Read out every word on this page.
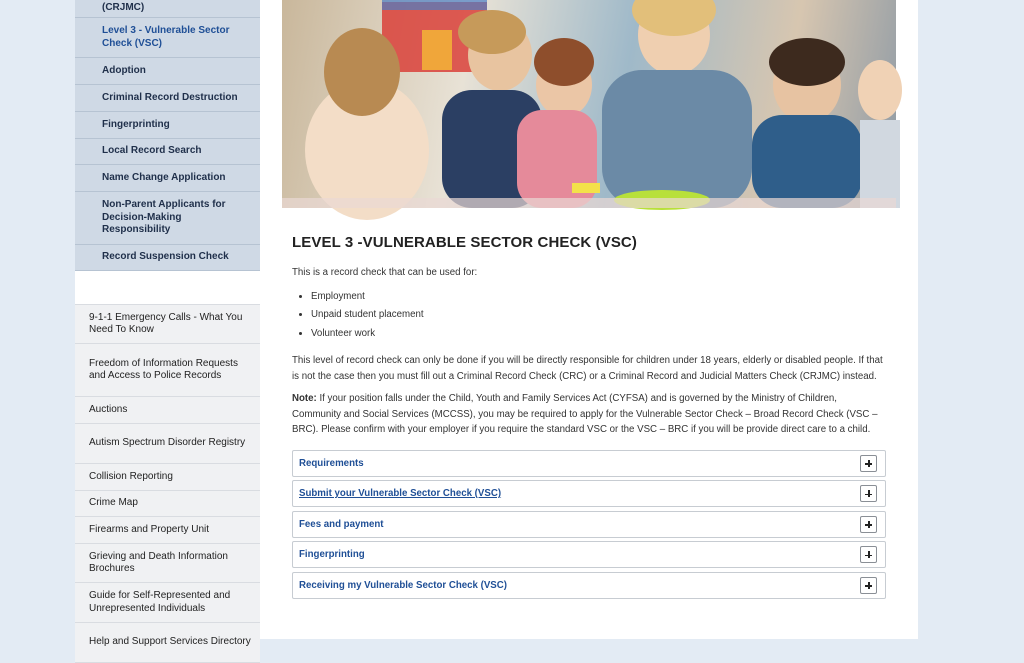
(CRJMC)
Level 3 - Vulnerable Sector Check (VSC)
Adoption
Criminal Record Destruction
Fingerprinting
Local Record Search
Name Change Application
Non-Parent Applicants for Decision-Making Responsibility
Record Suspension Check
9-1-1 Emergency Calls - What You Need To Know
Freedom of Information Requests and Access to Police Records
Auctions
Autism Spectrum Disorder Registry
Collision Reporting
Crime Map
Firearms and Property Unit
Grieving and Death Information Brochures
Guide for Self-Represented and Unrepresented Individuals
Help and Support Services Directory
LEVEL 3 -VULNERABLE SECTOR CHECK (VSC)

This is a record check that can be used for:

• Employment
• Unpaid student placement
• Volunteer work

This level of record check can only be done if you will be directly responsible for children under 18 years, elderly or disabled people. If that is not the case then you must fill out a Criminal Record Check (CRC) or a Criminal Record and Judicial Matters Check (CRJMC) instead.

Note: If your position falls under the Child, Youth and Family Services Act (CYFSA) and is governed by the Ministry of Children, Community and Social Services (MCCSS), you may be required to apply for the Vulnerable Sector Check – Broad Record Check (VSC – BRC). Please confirm with your employer if you require the standard VSC or the VSC – BRC if you will be provide direct care to a child.

Requirements
Submit your Vulnerable Sector Check (VSC)
Fees and payment
Fingerprinting
Receiving my Vulnerable Sector Check (VSC)
